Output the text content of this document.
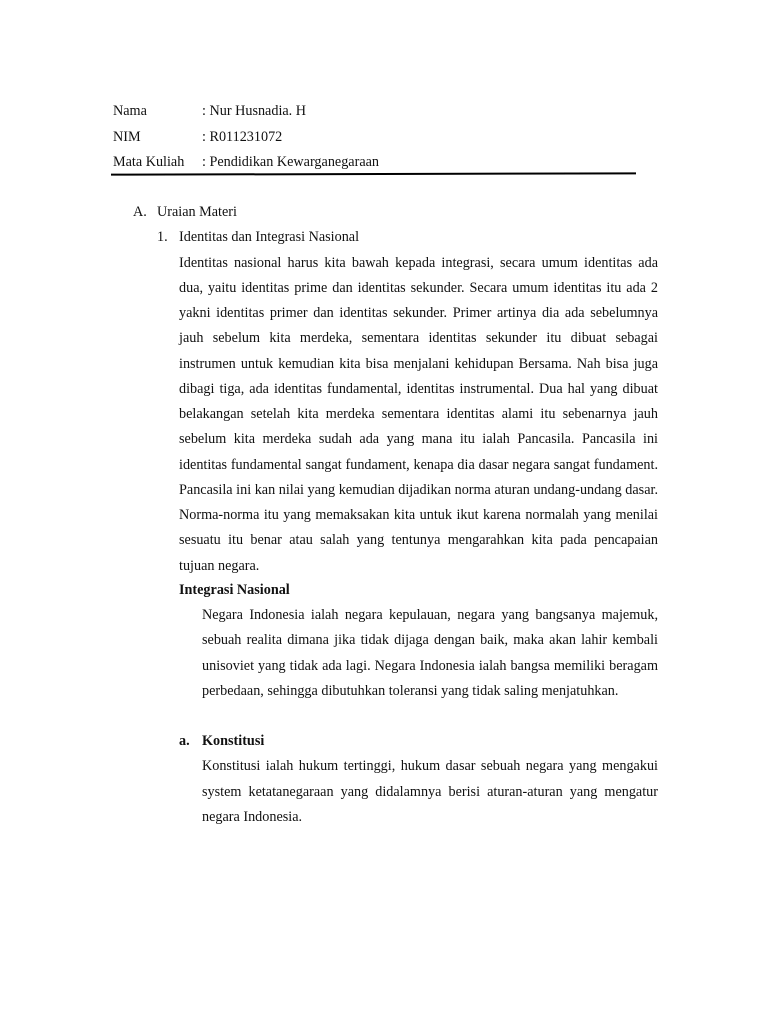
Nama	: Nur Husnadia. H
NIM	: R011231072
Mata Kuliah	: Pendidikan Kewarganegaraan
A. Uraian Materi
1. Identitas dan Integrasi Nasional

Identitas nasional harus kita bawah kepada integrasi, secara umum identitas ada dua, yaitu identitas prime dan identitas sekunder. Secara umum identitas itu ada 2 yakni identitas primer dan identitas sekunder. Primer artinya dia ada sebelumnya jauh sebelum kita merdeka, sementara identitas sekunder itu dibuat sebagai instrumen untuk kemudian kita bisa menjalani kehidupan Bersama. Nah bisa juga dibagi tiga, ada identitas fundamental, identitas instrumental. Dua hal yang dibuat belakangan setelah kita merdeka sementara identitas alami itu sebenarnya jauh sebelum kita merdeka sudah ada yang mana itu ialah Pancasila. Pancasila ini identitas fundamental sangat fundament, kenapa dia dasar negara sangat fundament. Pancasila ini kan nilai yang kemudian dijadikan norma aturan undang-undang dasar. Norma-norma itu yang memaksakan kita untuk ikut karena normalah yang menilai sesuatu itu benar atau salah yang tentunya mengarahkan kita pada pencapaian tujuan negara.

Integrasi Nasional

Negara Indonesia ialah negara kepulauan, negara yang bangsanya majemuk, sebuah realita dimana jika tidak dijaga dengan baik, maka akan lahir kembali unisoviet yang tidak ada lagi. Negara Indonesia ialah bangsa memiliki beragam perbedaan, sehingga dibutuhkan toleransi yang tidak saling menjatuhkan.

a. Konstitusi

Konstitusi ialah hukum tertinggi, hukum dasar sebuah negara yang mengakui system ketatanegaraan yang didalamnya berisi aturan-aturan yang mengatur negara Indonesia.
